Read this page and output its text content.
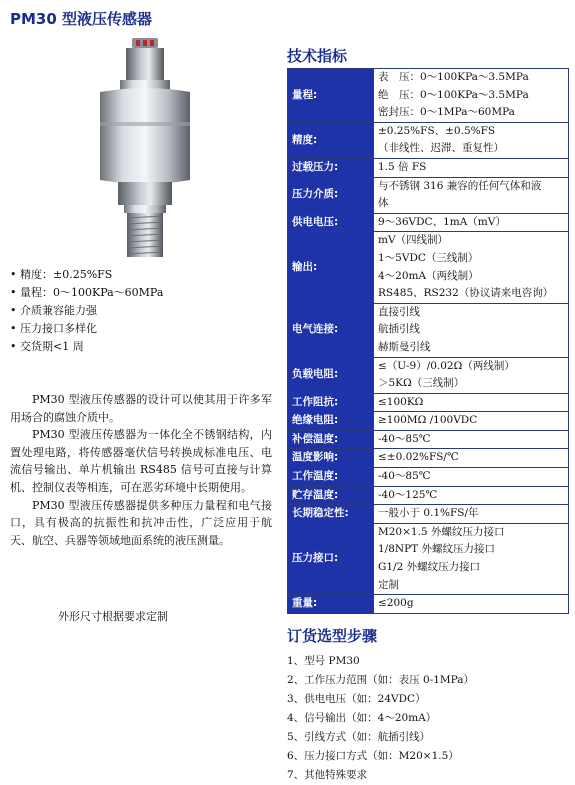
PM30 型液压传感器
• 精度：±0.25%FS
• 量程：0～100KPa～60MPa
• 介质兼容能力强
• 压力接口多样化
• 交货期<1 周

PM30 型液压传感器的设计可以使其用于许多军用场合的腐蚀介质中。

PM30 型液压传感器为一体化全不锈钢结构，内置处理电路，将传感器毫伏信号转换成标准电压、电流信号输出、单片机输出 RS485 信号可直接与计算机、控制仪表等相连，可在恶劣环境中长期使用。

PM30 型液压传感器提供多种压力量程和电气接口，具有极高的抗振性和抗冲击性，广泛应用于航天、航空、兵器等领域地面系统的液压测量。

外形尺寸根据要求定制
技术指标
量程:	表　压：0～100KPa～3.5MPa
绝　压：0～100KPa～3.5MPa
密封压：0～1MPa～60MPa

精度:	±0.25%FS、±0.5%FS
（非线性、迟滞、重复性）

过载压力:	1.5 倍 FS

压力介质:	与不锈钢 316 兼容的任何气体和液
体

供电电压:	9～36VDC、1mA（mV）

输出:	mV（四线制）
1～5VDC（三线制）
4～20mA（两线制）
RS485、RS232（协议请来电咨询）

电气连接:	直接引线
航插引线
赫斯曼引线

负载电阻:	≤（U-9）/0.02Ω（两线制）
＞5KΩ（三线制）

工作阻抗:	≤100KΩ

绝缘电阻:	≥100MΩ /100VDC

补偿温度:	-40～85℃

温度影响:	≤±0.02%FS/℃

工作温度:	-40～85℃

贮存温度:	-40～125℃

长期稳定性:	一般小于 0.1%FS/年

压力接口:	M20×1.5 外螺纹压力接口
1/8NPT 外螺纹压力接口
G1/2 外螺纹压力接口
定制

重量:	≤200g
订货选型步骤
1、型号 PM30
2、工作压力范围（如：表压 0-1MPa）
3、供电电压（如：24VDC）
4、信号输出（如：4～20mA）
5、引线方式（如：航插引线）
6、压力接口方式（如：M20×1.5）
7、其他特殊要求
